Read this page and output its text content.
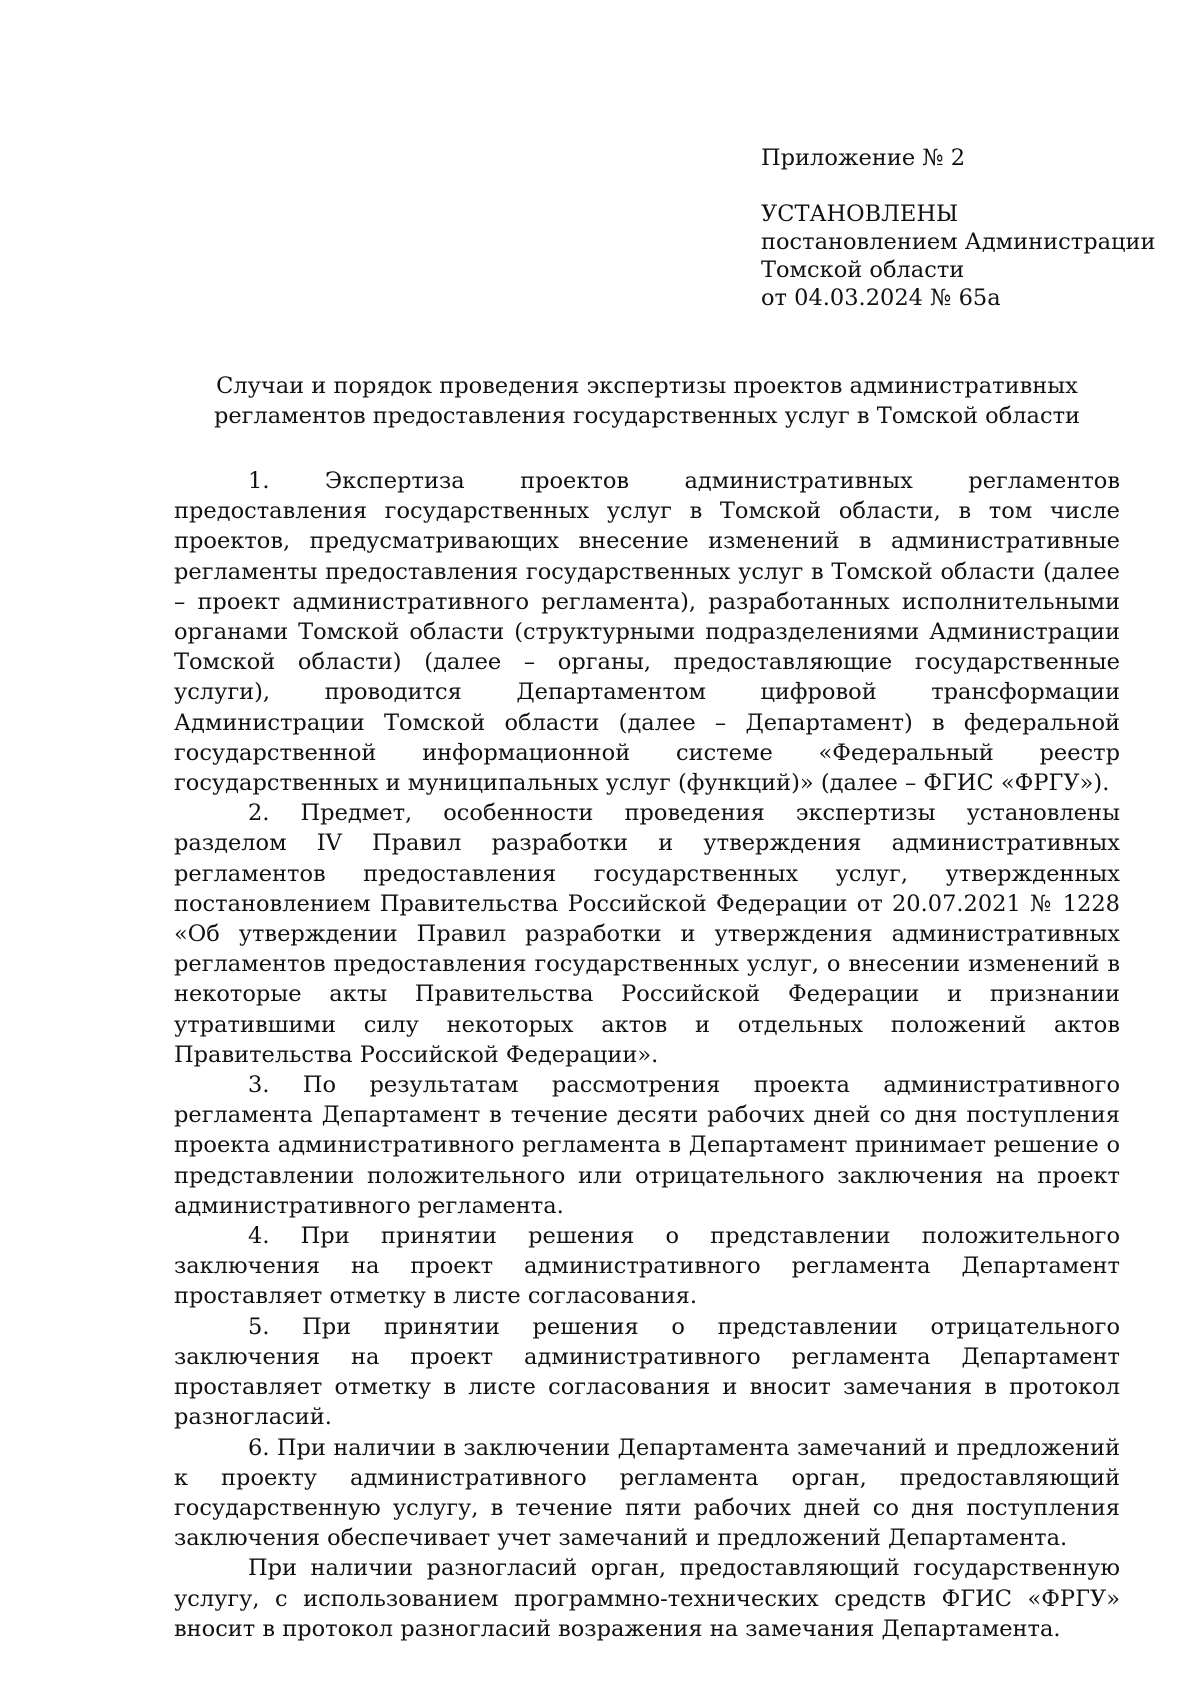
Приложение № 2

УСТАНОВЛЕНЫ
постановлением Администрации
Томской области
от 04.03.2024 № 65а
Случаи и порядок проведения экспертизы проектов административных
регламентов предоставления государственных услуг в Томской области

1. Экспертиза проектов административных регламентов предоставления государственных услуг в Томской области, в том числе проектов, предусматривающих внесение изменений в административные регламенты предоставления государственных услуг в Томской области (далее – проект административного регламента), разработанных исполнительными органами Томской области (структурными подразделениями Администрации Томской области) (далее – органы, предоставляющие государственные услуги), проводится Департаментом цифровой трансформации Администрации Томской области (далее – Департамент) в федеральной государственной информационной системе «Федеральный реестр государственных и муниципальных услуг (функций)» (далее – ФГИС «ФРГУ»).

2. Предмет, особенности проведения экспертизы установлены разделом IV Правил разработки и утверждения административных регламентов предоставления государственных услуг, утвержденных постановлением Правительства Российской Федерации от 20.07.2021 № 1228 «Об утверждении Правил разработки и утверждения административных регламентов предоставления государственных услуг, о внесении изменений в некоторые акты Правительства Российской Федерации и признании утратившими силу некоторых актов и отдельных положений актов Правительства Российской Федерации».

3. По результатам рассмотрения проекта административного регламента Департамент в течение десяти рабочих дней со дня поступления проекта административного регламента в Департамент принимает решение о представлении положительного или отрицательного заключения на проект административного регламента.

4. При принятии решения о представлении положительного заключения на проект административного регламента Департамент проставляет отметку в листе согласования.

5. При принятии решения о представлении отрицательного заключения на проект административного регламента Департамент проставляет отметку в листе согласования и вносит замечания в протокол разногласий.

6. При наличии в заключении Департамента замечаний и предложений к проекту административного регламента орган, предоставляющий государственную услугу, в течение пяти рабочих дней со дня поступления заключения обеспечивает учет замечаний и предложений Департамента.

При наличии разногласий орган, предоставляющий государственную услугу, с использованием программно-технических средств ФГИС «ФРГУ» вносит в протокол разногласий возражения на замечания Департамента.
